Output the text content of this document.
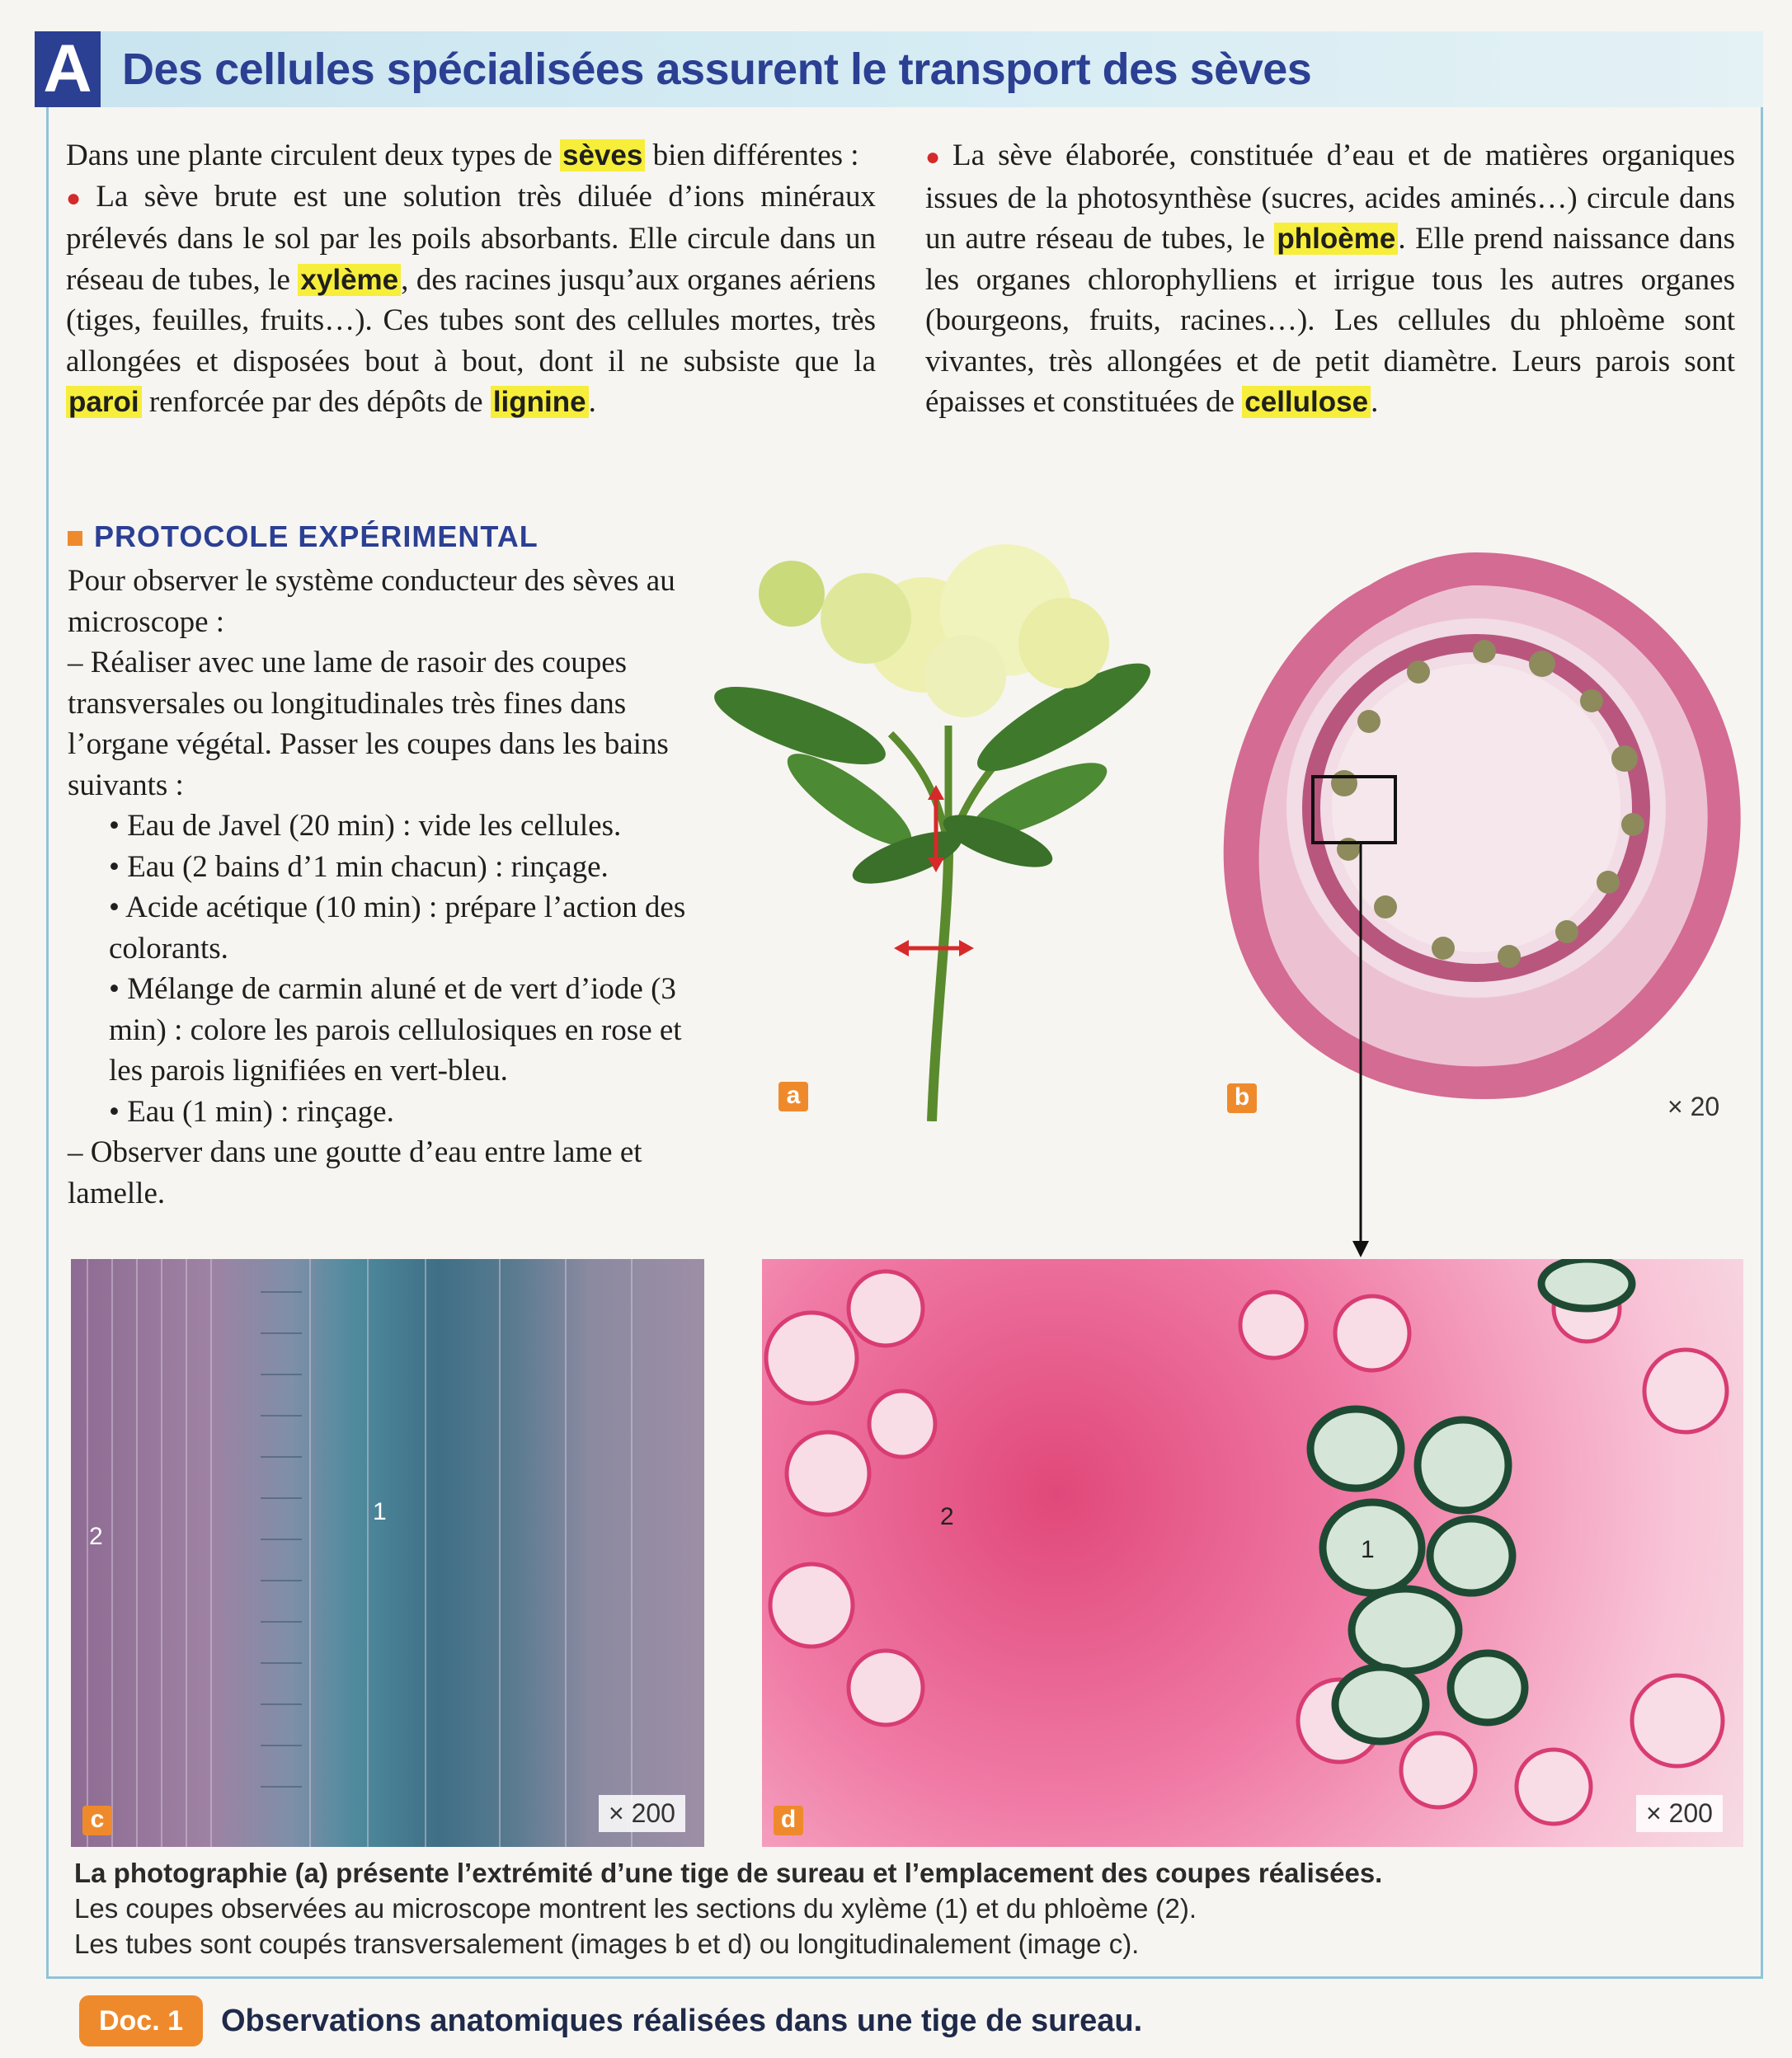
A Des cellules spécialisées assurent le transport des sèves

Dans une plante circulent deux types de sèves bien différentes :

● La sève brute est une solution très diluée d’ions minéraux prélevés dans le sol par les poils absorbants. Elle circule dans un réseau de tubes, le xylème, des racines jusqu’aux organes aériens (tiges, feuilles, fruits…). Ces tubes sont des cellules mortes, très allongées et disposées bout à bout, dont il ne subsiste que la paroi renforcée par des dépôts de lignine.

● La sève élaborée, constituée d’eau et de matières organiques issues de la photosynthèse (sucres, acides aminés…) circule dans un autre réseau de tubes, le phloème. Elle prend naissance dans les organes chlorophylliens et irrigue tous les autres organes (bourgeons, fruits, racines…). Les cellules du phloème sont vivantes, très allongées et de petit diamètre. Leurs parois sont épaisses et constituées de cellulose.

PROTOCOLE EXPÉRIMENTAL
Pour observer le système conducteur des sèves au microscope :
– Réaliser avec une lame de rasoir des coupes transversales ou longitudinales très fines dans l’organe végétal. Passer les coupes dans les bains suivants :
• Eau de Javel (20 min) : vide les cellules.
• Eau (2 bains d’1 min chacun) : rinçage.
• Acide acétique (10 min) : prépare l’action des colorants.
• Mélange de carmin aluné et de vert d’iode (3 min) : colore les parois cellulosiques en rose et les parois lignifiées en vert-bleu.
• Eau (1 min) : rinçage.
– Observer dans une goutte d’eau entre lame et lamelle.
a	b	× 20
2
1
× 200
c
2
1
× 200
d
La photographie (a) présente l’extrémité d’une tige de sureau et l’emplacement des coupes réalisées.
Les coupes observées au microscope montrent les sections du xylème (1) et du phloème (2).
Les tubes sont coupés transversalement (images b et d) ou longitudinalement (image c).
Doc. 1	Observations anatomiques réalisées dans une tige de sureau.
